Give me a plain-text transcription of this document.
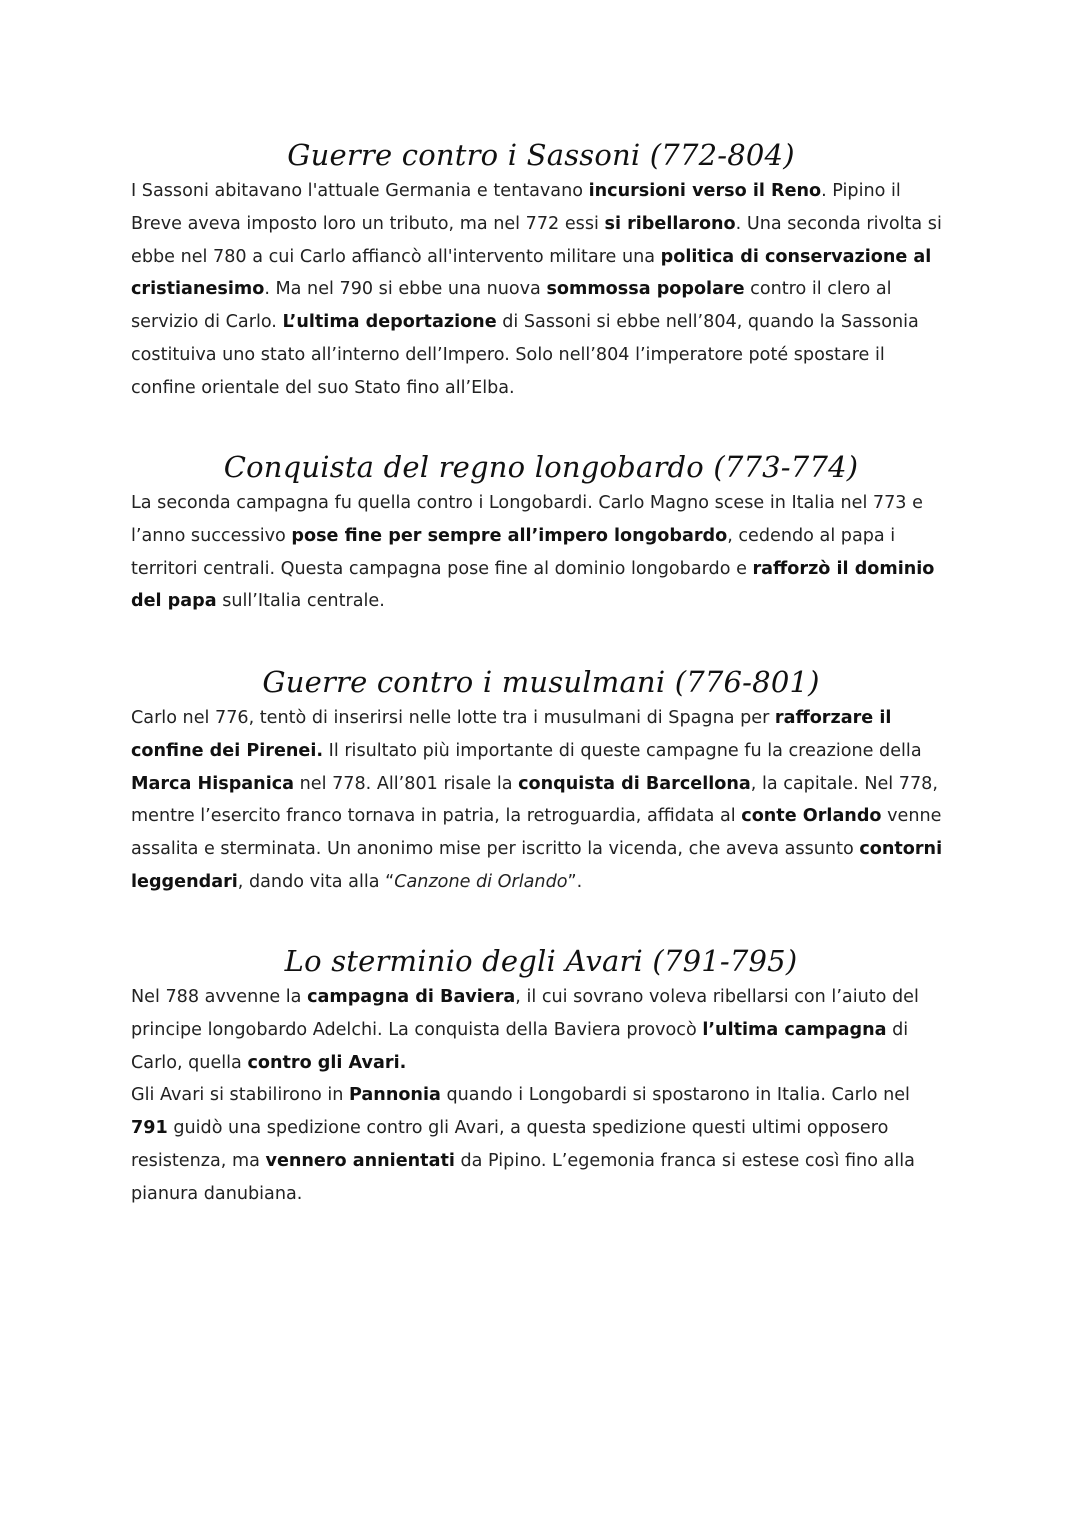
Guerre contro i Sassoni (772-804)

I Sassoni abitavano l'attuale Germania e tentavano incursioni verso il Reno. Pipino il Breve aveva imposto loro un tributo, ma nel 772 essi si ribellarono. Una seconda rivolta si ebbe nel 780 a cui Carlo affiancò all'intervento militare una politica di conservazione al cristianesimo. Ma nel 790 si ebbe una nuova sommossa popolare contro il clero al servizio di Carlo. L’ultima deportazione di Sassoni si ebbe nell’804, quando la Sassonia costituiva uno stato all’interno dell’Impero. Solo nell’804 l’imperatore poté spostare il confine orientale del suo Stato fino all’Elba.

Conquista del regno longobardo (773-774)

La seconda campagna fu quella contro i Longobardi. Carlo Magno scese in Italia nel 773 e l’anno successivo pose fine per sempre all’impero longobardo, cedendo al papa i territori centrali. Questa campagna pose fine al dominio longobardo e rafforzò il dominio del papa sull’Italia centrale.

Guerre contro i musulmani (776-801)

Carlo nel 776, tentò di inserirsi nelle lotte tra i musulmani di Spagna per rafforzare il confine dei Pirenei. Il risultato più importante di queste campagne fu la creazione della Marca Hispanica nel 778. All’801 risale la conquista di Barcellona, la capitale. Nel 778, mentre l’esercito franco tornava in patria, la retroguardia, affidata al conte Orlando venne assalita e sterminata. Un anonimo mise per iscritto la vicenda, che aveva assunto contorni leggendari, dando vita alla “Canzone di Orlando”.

Lo sterminio degli Avari (791-795)

Nel 788 avvenne la campagna di Baviera, il cui sovrano voleva ribellarsi con l’aiuto del principe longobardo Adelchi. La conquista della Baviera provocò l’ultima campagna di Carlo, quella contro gli Avari.

Gli Avari si stabilirono in Pannonia quando i Longobardi si spostarono in Italia. Carlo nel 791 guidò una spedizione contro gli Avari, a questa spedizione questi ultimi opposero resistenza, ma vennero annientati da Pipino. L’egemonia franca si estese così fino alla pianura danubiana.
